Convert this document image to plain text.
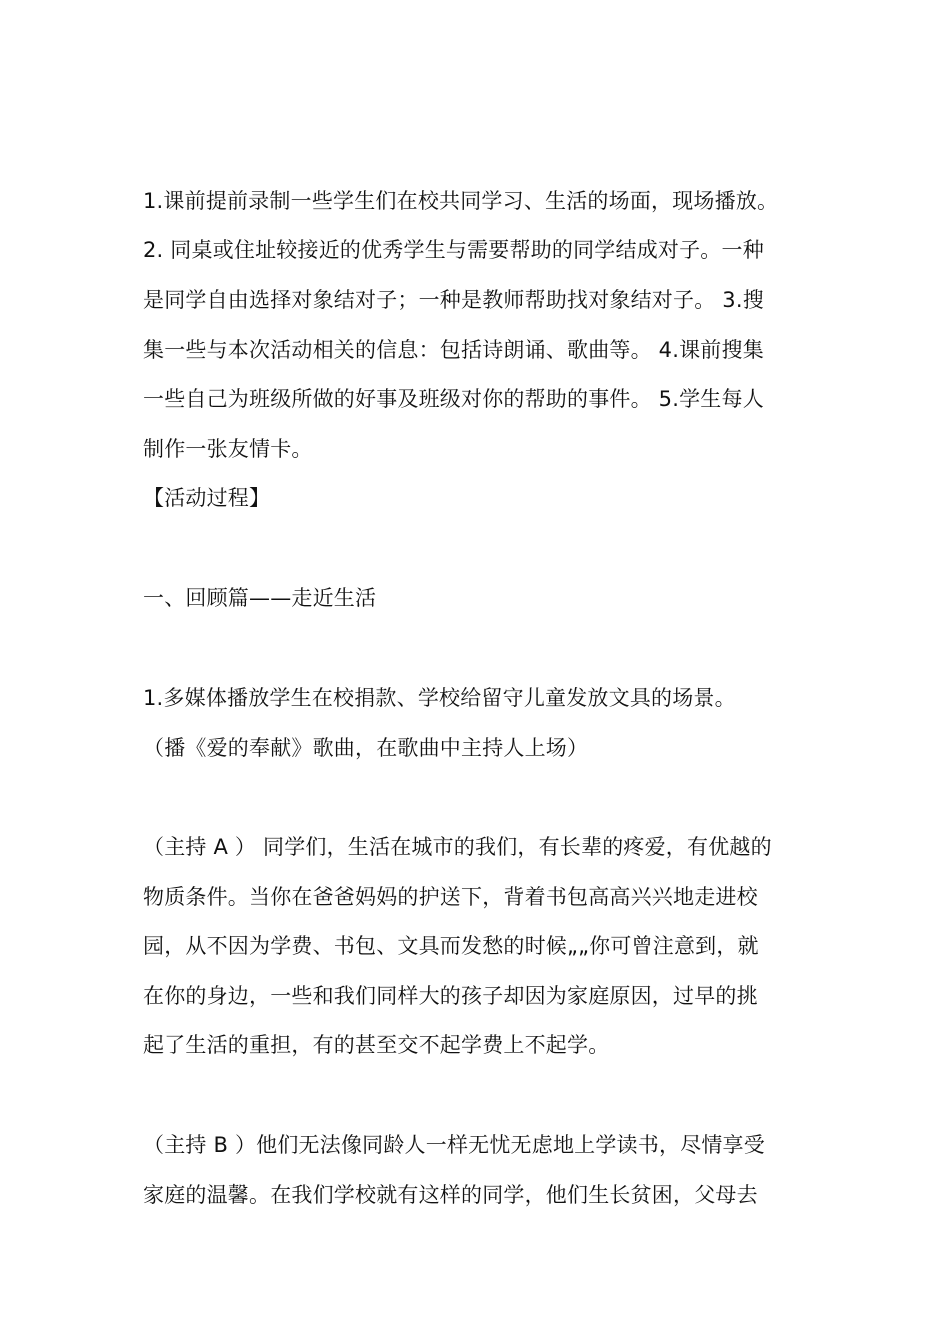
1.课前提前录制一些学生们在校共同学习、生活的场面，现场播放。
2. 同桌或住址较接近的优秀学生与需要帮助的同学结成对子。一种
是同学自由选择对象结对子；一种是教师帮助找对象结对子。 3.搜
集一些与本次活动相关的信息：包括诗朗诵、歌曲等。 4.课前搜集
一些自己为班级所做的好事及班级对你的帮助的事件。 5.学生每人
制作一张友情卡。
【活动过程】
一、回顾篇——走近生活
1.多媒体播放学生在校捐款、学校给留守儿童发放文具的场景。
（播《爱的奉献》歌曲，在歌曲中主持人上场）
（主持 A ） 同学们，生活在城市的我们，有长辈的疼爱，有优越的
物质条件。当你在爸爸妈妈的护送下，背着书包高高兴兴地走进校
园，从不因为学费、书包、文具而发愁的时候„„你可曾注意到，就
在你的身边，一些和我们同样大的孩子却因为家庭原因，过早的挑
起了生活的重担，有的甚至交不起学费上不起学。
（主持 B ）他们无法像同龄人一样无忧无虑地上学读书，尽情享受
家庭的温馨。在我们学校就有这样的同学，他们生长贫困，父母去
